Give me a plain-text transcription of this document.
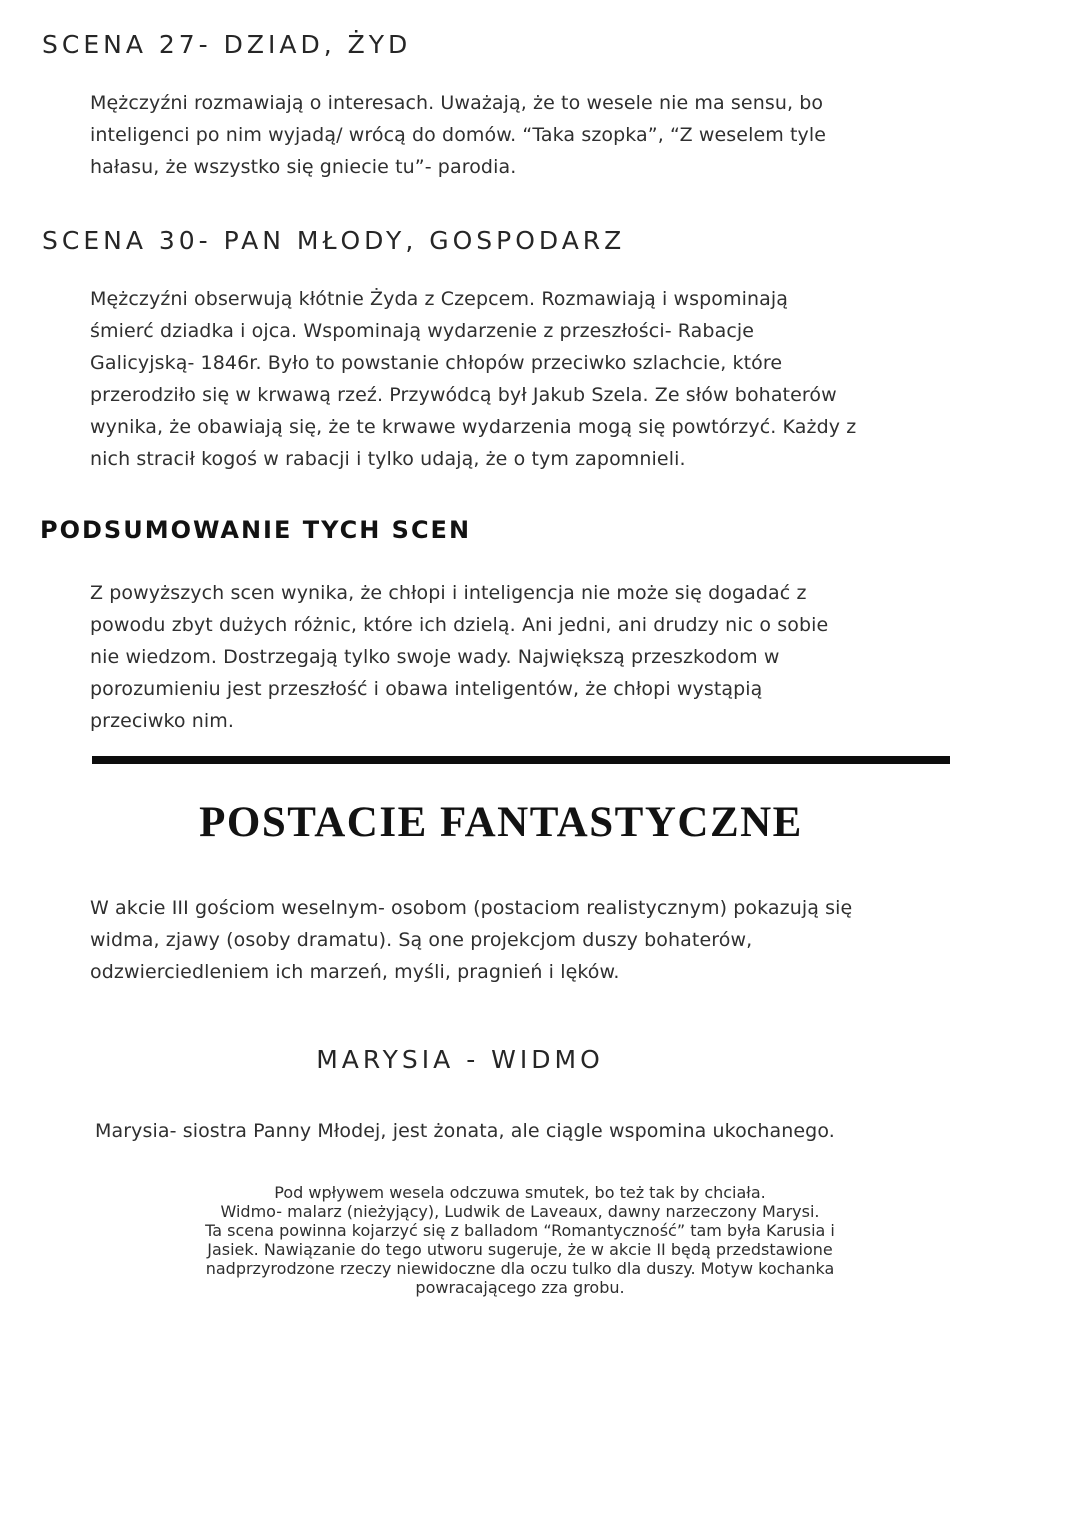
SCENA 27- DZIAD, ŻYD
Mężczyźni rozmawiają o interesach. Uważają, że to wesele nie ma sensu, bo
inteligenci po nim wyjadą/ wrócą do domów. “Taka szopka”, “Z weselem tyle
hałasu, że wszystko się gniecie tu”- parodia.
SCENA 30- PAN MŁODY, GOSPODARZ
Mężczyźni obserwują kłótnie Żyda z Czepcem. Rozmawiają i wspominają
śmierć dziadka i ojca. Wspominają wydarzenie z przeszłości- Rabacje
Galicyjską- 1846r. Było to powstanie chłopów przeciwko szlachcie, które
przerodziło się w krwawą rzeź. Przywódcą był Jakub Szela. Ze słów bohaterów
wynika, że obawiają się, że te krwawe wydarzenia mogą się powtórzyć. Każdy z
nich stracił kogoś w rabacji i tylko udają, że o tym zapomnieli.
PODSUMOWANIE TYCH SCEN
Z powyższych scen wynika, że chłopi i inteligencja nie może się dogadać z
powodu zbyt dużych różnic, które ich dzielą. Ani jedni, ani drudzy nic o sobie
nie wiedzom. Dostrzegają tylko swoje wady. Największą przeszkodom w
porozumieniu jest przeszłość i obawa inteligentów, że chłopi wystąpią
przeciwko nim.
POSTACIE FANTASTYCZNE
W akcie III gościom weselnym- osobom (postaciom realistycznym) pokazują się
widma, zjawy (osoby dramatu). Są one projekcjom duszy bohaterów,
odzwierciedleniem ich marzeń, myśli, pragnień i lęków.
MARYSIA - WIDMO
Marysia- siostra Panny Młodej, jest żonata, ale ciągle wspomina ukochanego.
Pod wpływem wesela odczuwa smutek, bo też tak by chciała.
Widmo- malarz (nieżyjący), Ludwik de Laveaux, dawny narzeczony Marysi.
Ta scena powinna kojarzyć się z balladom “Romantyczność” tam była Karusia i
Jasiek. Nawiązanie do tego utworu sugeruje, że w akcie II będą przedstawione
nadprzyrodzone rzeczy niewidoczne dla oczu tulko dla duszy. Motyw kochanka
powracającego zza grobu.
